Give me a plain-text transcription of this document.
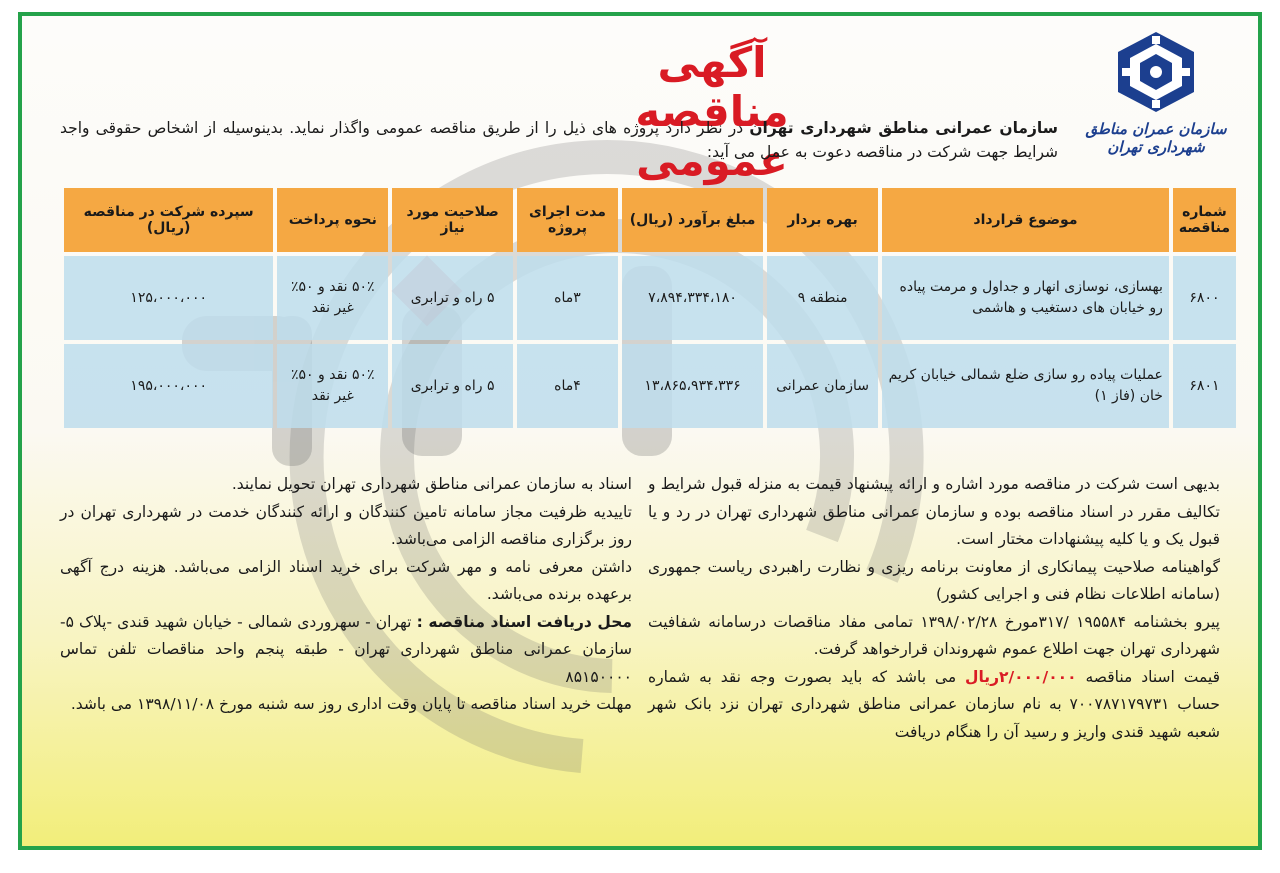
سازمان عمران مناطق شهرداری تهران
آگهی مناقصه عمومی
سازمان عمرانی مناطق شهرداری تهران در نظر دارد پروژه های ذیل را از طریق مناقصه عمومی واگذار نماید. بدینوسیله از اشخاص حقوقی واجد شرایط جهت شرکت در مناقصه دعوت به عمل می آید:
شماره مناقصه	موضوع قرارداد	بهره بردار	مبلغ برآورد (ریال)	مدت اجرای پروژه	صلاحیت مورد نیاز	نحوه پرداخت	سپرده شرکت در مناقصه (ریال)
۶۸۰۰	بهسازی، نوسازی انهار و جداول و مرمت پیاده رو خیابان های دستغیب و هاشمی	منطقه ۹	۷،۸۹۴،۳۳۴،۱۸۰	۳ماه	۵ راه و ترابری	۵۰٪ نقد و ۵۰٪ غیر نقد	۱۲۵،۰۰۰،۰۰۰
۶۸۰۱	عملیات پیاده رو سازی ضلع شمالی خیابان کریم خان (فاز ۱)	سازمان عمرانی	۱۳،۸۶۵،۹۳۴،۳۳۶	۴ماه	۵ راه و ترابری	۵۰٪ نقد و ۵۰٪ غیر نقد	۱۹۵،۰۰۰،۰۰۰

بدیهی است شرکت در مناقصه مورد اشاره و ارائه پیشنهاد قیمت به منزله قبول شرایط و تکالیف مقرر در اسناد مناقصه بوده و سازمان عمرانی مناطق شهرداری تهران در رد و یا قبول یک و یا کلیه پیشنهادات مختار است.

گواهینامه صلاحیت پیمانکاری از معاونت برنامه ریزی و نظارت راهبردی ریاست جمهوری (سامانه اطلاعات نظام فنی و اجرایی کشور)

پیرو بخشنامه ۱۹۵۵۸۴ /۳۱۷مورخ ۱۳۹۸/۰۲/۲۸ تمامی مفاد مناقصات درسامانه شفافیت شهرداری تهران جهت اطلاع عموم شهروندان قرارخواهد گرفت.

قیمت اسناد مناقصه ۲/۰۰۰/۰۰۰ریال می باشد که باید بصورت وجه نقد به شماره حساب ۷۰۰۷۸۷۱۷۹۷۳۱ به نام سازمان عمرانی مناطق شهرداری تهران نزد بانک شهر شعبه شهید قندی واریز و رسید آن را هنگام دریافت

اسناد به سازمان عمرانی مناطق شهرداری تهران تحویل نمایند.

تاییدیه ظرفیت مجاز سامانه تامین کنندگان و ارائه کنندگان خدمت در شهرداری تهران در روز برگزاری مناقصه الزامی می‌باشد.

داشتن معرفی نامه و مهر شرکت برای خرید اسناد الزامی می‌باشد. هزینه درج آگهی برعهده برنده می‌باشد.

محل دریافت اسناد مناقصه : تهران - سهروردی شمالی - خیابان شهید قندی -پلاک ۵- سازمان عمرانی مناطق شهرداری تهران - طبقه پنجم واحد مناقصات تلفن تماس ۸۵۱۵۰۰۰۰

مهلت خرید اسناد مناقصه تا پایان وقت اداری روز سه شنبه مورخ ۱۳۹۸/۱۱/۰۸ می باشد.
